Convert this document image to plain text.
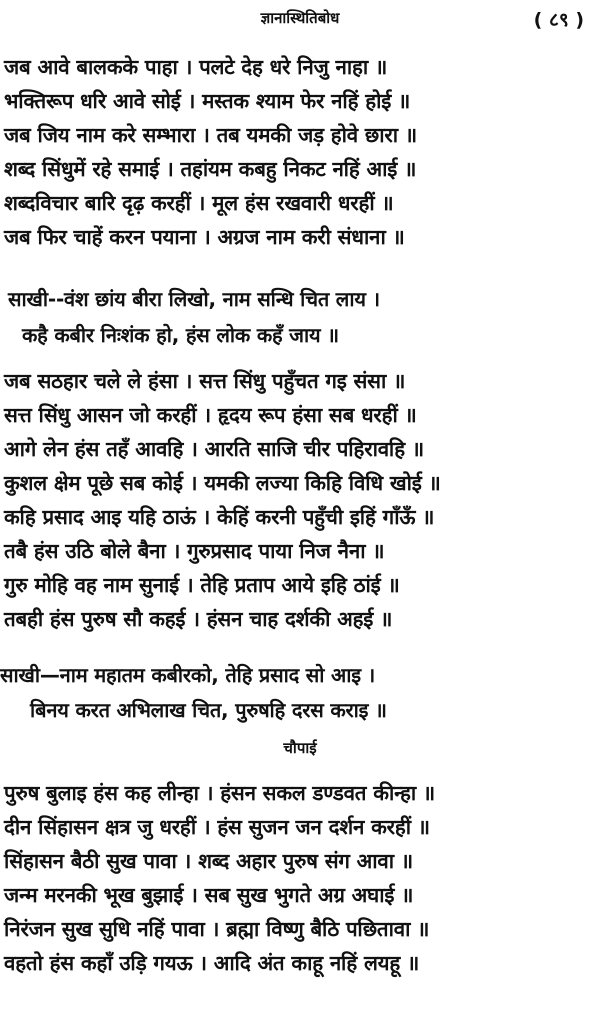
ज्ञानास्थितिबोध	( ८९ )
जब आवे बालकके पाहा । पलटे देह धरे निजु नाहा ॥
भक्तिरूप धरि आवे सोई । मस्तक श्याम फेर नहिं होई ॥
जब जिय नाम करे सम्भारा । तब यमकी जड़ होवे छारा ॥
शब्द सिंधुमें रहे समाई । तहांयम कबहु निकट नहिं आई ॥
शब्दविचार बारि दृढ़ करहीं । मूल हंस रखवारी धरहीं ॥
जब फिर चाहें करन पयाना । अग्रज नाम करी संधाना ॥
साखी--वंश छांय बीरा लिखो, नाम सन्धि चित लाय ।
कहै कबीर निःशंक हो, हंस लोक कहँ जाय ॥
जब सठहार चले ले हंसा । सत्त सिंधु पहुँचत गइ संसा ॥
सत्त सिंधु आसन जो करहीं । हृदय रूप हंसा सब धरहीं ॥
आगे लेन हंस तहँ आवहि । आरति साजि चीर पहिरावहि ॥
कुशल क्षेम पूछे सब कोई । यमकी लज्या किहि विधि खोई ॥
कहि प्रसाद आइ यहि ठाऊं । केहिं करनी पहुँची इहिं गाँऊँ ॥
तबै हंस उठि बोले बैना । गुरुप्रसाद पाया निज नैना ॥
गुरु मोहि वह नाम सुनाई । तेहि प्रताप आये इहि ठांई ॥
तबही हंस पुरुष सौ कहई । हंसन चाह दर्शकी अहई ॥
साखी—नाम महातम कबीरको, तेहि प्रसाद सो आइ ।
बिनय करत अभिलाख चित, पुरुषहि दरस कराइ ॥
चौपाई
पुरुष बुलाइ हंस कह लीन्हा । हंसन सकल डण्डवत कीन्हा ॥
दीन सिंहासन क्षत्र जु धरहीं । हंस सुजन जन दर्शन करहीं ॥
सिंहासन बैठी सुख पावा । शब्द अहार पुरुष संग आवा ॥
जन्म मरनकी भूख बुझाई । सब सुख भुगते अग्र अघाई ॥
निरंजन सुख सुधि नहिं पावा । ब्रह्मा विष्णु बैठि पछितावा ॥
वहतो हंस कहाँ उड़ि गयऊ । आदि अंत काहू नहिं लयहू ॥
